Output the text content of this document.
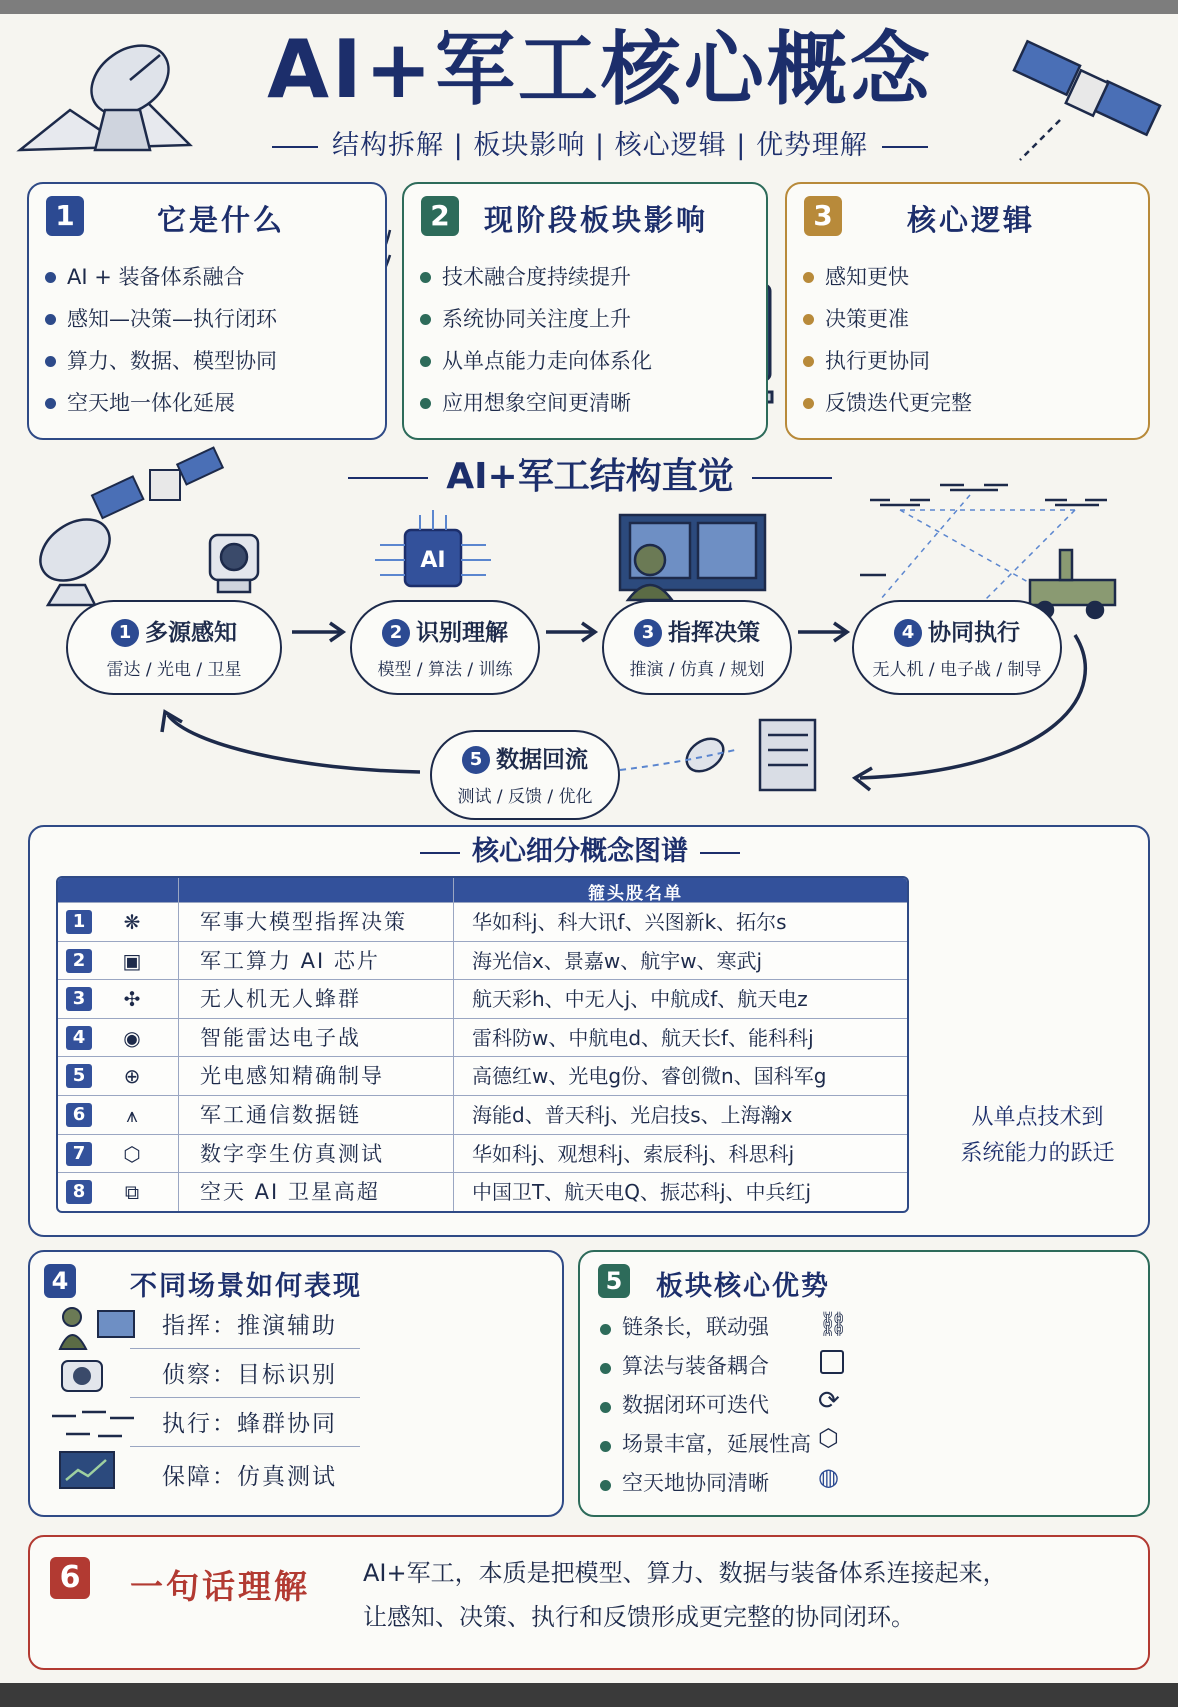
AI
AI+军工核心概念
结构拆解 | 板块影响 | 核心逻辑 | 优势理解
1	它是什么
AI + 装备体系融合
感知—决策—执行闭环
算力、数据、模型协同
空天地一体化延展
2	现阶段板块影响
技术融合度持续提升
系统协同关注度上升
从单点能力走向体系化
应用想象空间更清晰
3	核心逻辑
感知更快
决策更准
执行更协同
反馈迭代更完整
AI+军工结构直觉
1 多源感知
雷达 / 光电 / 卫星
2 识别理解
模型 / 算法 / 训练
3 指挥决策
推演 / 仿真 / 规划
4 协同执行
无人机 / 电子战 / 制导
5 数据回流
测试 / 反馈 / 优化
核心细分概念图谱
箍头股名单
1	❋	军事大模型指挥决策	华如科j、科大讯f、兴图新k、拓尔s
2	▣	军工算力 AI 芯片	海光信x、景嘉w、航宇w、寒武j
3	✣	无人机无人蜂群	航天彩h、中无人j、中航成f、航天电z
4	◉	智能雷达电子战	雷科防w、中航电d、航天长f、能科科j
5	⊕	光电感知精确制导	高德红w、光电g份、睿创微n、国科军g
6	⩚	军工通信数据链	海能d、普天科j、光启技s、上海瀚x
7	⬡	数字孪生仿真测试	华如科j、观想科j、索辰科j、科思科j
8	⧉	空天 AI 卫星高超	中国卫T、航天电Q、振芯科j、中兵红j
从单点技术到
系统能力的跃迁
4 不同场景如何表现
指挥：推演辅助
侦察：目标识别
执行：蜂群协同
保障：仿真测试
5 板块核心优势
链条长，联动强
算法与装备耦合
数据闭环可迭代
场景丰富，延展性高
空天地协同清晰
⛓
⟳
⬡
◍
6 一句话理解 AI+军工，本质是把模型、算力、数据与装备体系连接起来，
让感知、决策、执行和反馈形成更完整的协同闭环。
